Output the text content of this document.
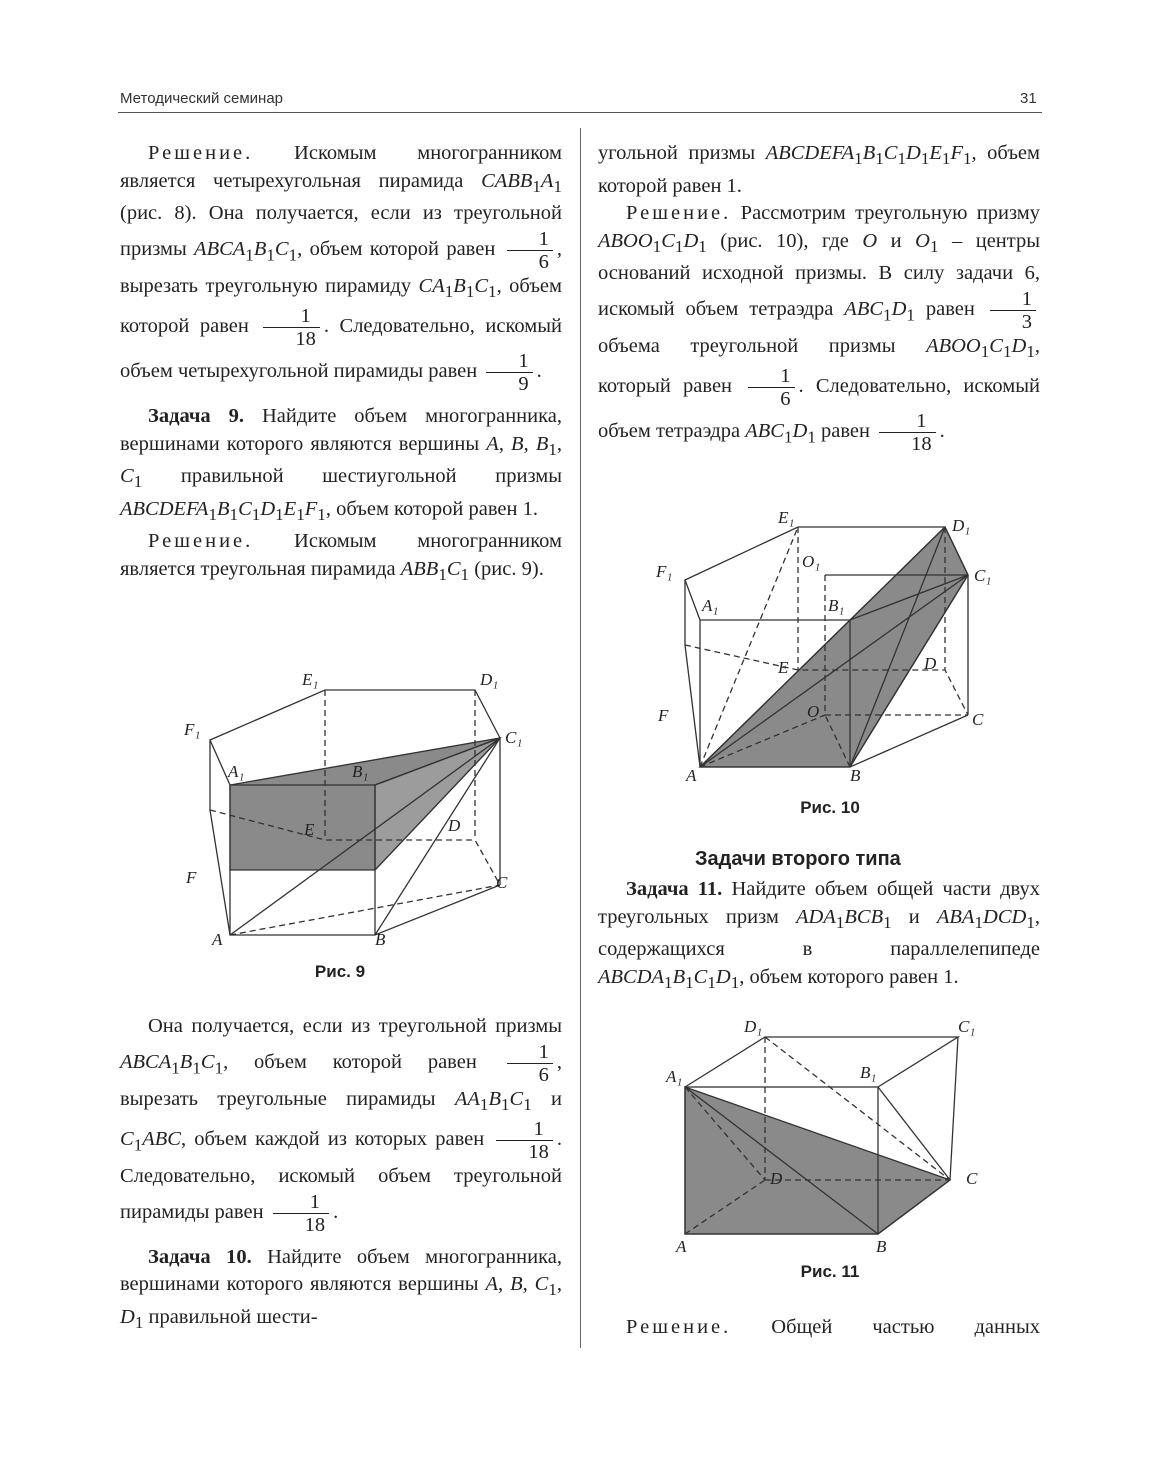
Методический семинар	31

Решение. Искомым многогранником является четырехугольная пирамида $CABB_1A_1$ (рис. 8). Она получается, если из треугольной призмы $ABCA_1B_1C_1$, объем которой равен $\frac{1}{6}$ , вырезать треугольную пирамиду $CA_1B_1C_1$, объем которой равен $\frac{1}{18}$ . Следовательно, искомый объем четырехугольной пирамиды равен $\frac{1}{9}$ .

Задача 9. Найдите объем многогранника, вершинами которого являются вершины A, B, $B_1$, $C_1$ правильной шестиугольной призмы $ABCDEFA_1B_1C_1D_1E_1F_1$, объем которой равен 1.

Решение. Искомым многогранником является треугольная пирамида $ABB_1C_1$ (рис. 9).

E₁	D₁
F₁	C₁
A₁	B₁
E	D
F	C
A	B
Рис. 9

Она получается, если из треугольной призмы $ABCA_1B_1C_1$, объем которой равен $\frac{1}{6}$ , вырезать треугольные пирамиды $AA_1B_1C_1$ и $C_1ABC$, объем каждой из которых равен $\frac{1}{18}$ . Следовательно, искомый объем треугольной пирамиды равен $\frac{1}{18}$ .

Задача 10. Найдите объем многогранника, вершинами которого являются вершины A, B, $C_1$, $D_1$ правильной шести-

угольной призмы $ABCDEFA_1B_1C_1D_1E_1F_1$, объем которой равен 1.

Решение. Рассмотрим треугольную призму $ABOO_1C_1D_1$ (рис. 10), где O и $O_1$ – центры оснований исходной призмы. В силу задачи 6, искомый объем тетраэдра $ABC_1D_1$ равен $\frac{1}{3}$
объема треугольной призмы $ABOO_1C_1D_1$, который равен $\frac{1}{6}$ . Следовательно, искомый объем тетраэдра $ABC_1D_1$ равен $\frac{1}{18}$ .

E₁	D₁
O₁
F₁	C₁
A₁	B₁
E	D
O
F	C
A	B
Рис. 10
Задачи второго типа

Задача 11. Найдите объем общей части двух треугольных призм $ADA_1BCB_1$ и $ABA_1DCD_1$, содержащихся в параллелепипеде $ABCDA_1B_1C_1D_1$, объем которого равен 1.

D₁	C₁
A₁	B₁
D	C
A	B
Рис. 11

Решение. Общей частью данных
